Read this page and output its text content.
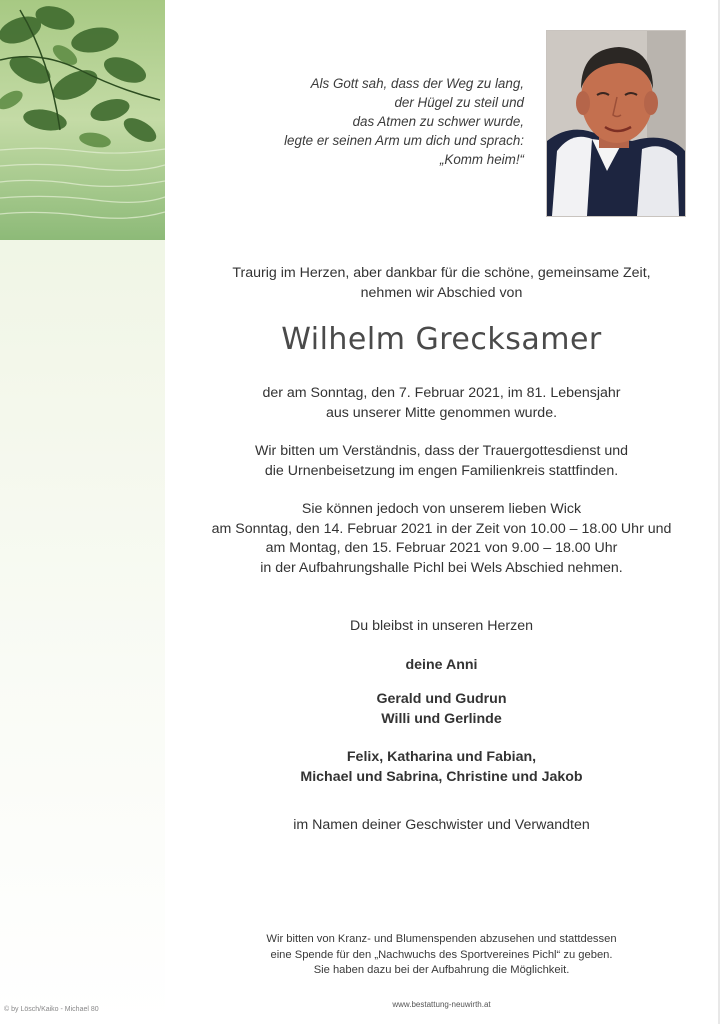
Als Gott sah, dass der Weg zu lang,
der Hügel zu steil und
das Atmen zu schwer wurde,
legte er seinen Arm um dich und sprach:
„Komm heim!“
Traurig im Herzen, aber dankbar für die schöne, gemeinsame Zeit,
nehmen wir Abschied von
Wilhelm Grecksamer
der am Sonntag, den 7. Februar 2021, im 81. Lebensjahr
aus unserer Mitte genommen wurde.
Wir bitten um Verständnis, dass der Trauergottesdienst und
die Urnenbeisetzung im engen Familienkreis stattfinden.
Sie können jedoch von unserem lieben Wick
am Sonntag, den 14. Februar 2021 in der Zeit von 10.00 – 18.00 Uhr und
am Montag, den 15. Februar 2021 von 9.00 – 18.00 Uhr
in der Aufbahrungshalle Pichl bei Wels Abschied nehmen.
Du bleibst in unseren Herzen
deine Anni
Gerald und Gudrun
Willi und Gerlinde
Felix, Katharina und Fabian,
Michael und Sabrina, Christine und Jakob
im Namen deiner Geschwister und Verwandten
Wir bitten von Kranz- und Blumenspenden abzusehen und stattdessen
eine Spende für den „Nachwuchs des Sportvereines Pichl“ zu geben.
Sie haben dazu bei der Aufbahrung die Möglichkeit.
www.bestattung-neuwirth.at
© by Lösch/Kaiko - Michael 80
